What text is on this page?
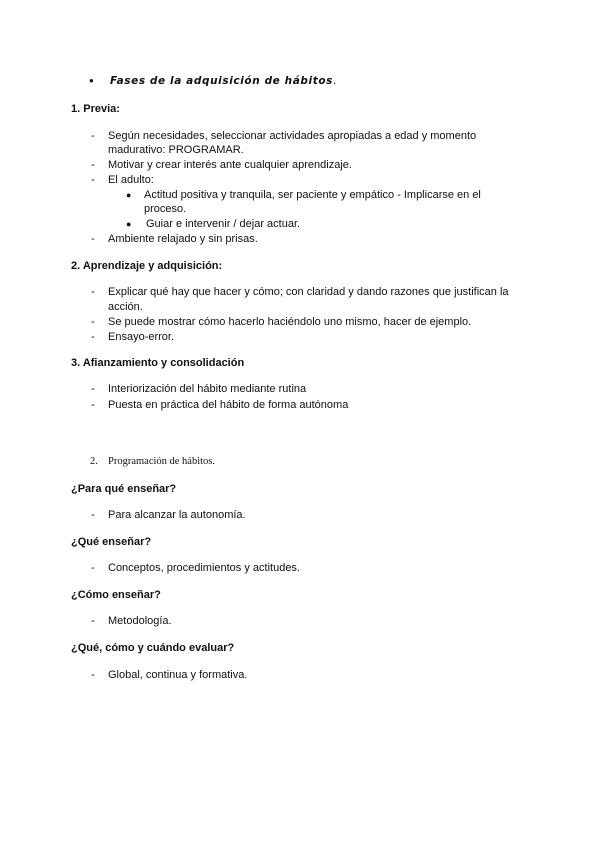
● Fases de la adquisición de hábitos.
1. Previa:
- Según necesidades, seleccionar actividades apropiadas a edad y momento
madurativo: PROGRAMAR.
- Motivar y crear interés ante cualquier aprendizaje.
- El adulto:
● Actitud positiva y tranquila, ser paciente y empático - Implicarse en el
proceso.
● Guiar e intervenir / dejar actuar.
- Ambiente relajado y sin prisas.
2. Aprendizaje y adquisición:
- Explicar qué hay que hacer y cómo; con claridad y dando razones que justifican la
acción.
- Se puede mostrar cómo hacerlo haciéndolo uno mismo, hacer de ejemplo.
- Ensayo-error.
3. Afianzamiento y consolidación
- Interiorización del hábito mediante rutina
- Puesta en práctica del hábito de forma autónoma
2. Programación de hábitos.
¿Para qué enseñar?
- Para alcanzar la autonomía.
¿Qué enseñar?
- Conceptos, procedimientos y actitudes.
¿Cómo enseñar?
- Metodología.
¿Qué, cómo y cuándo evaluar?
- Global, continua y formativa.
